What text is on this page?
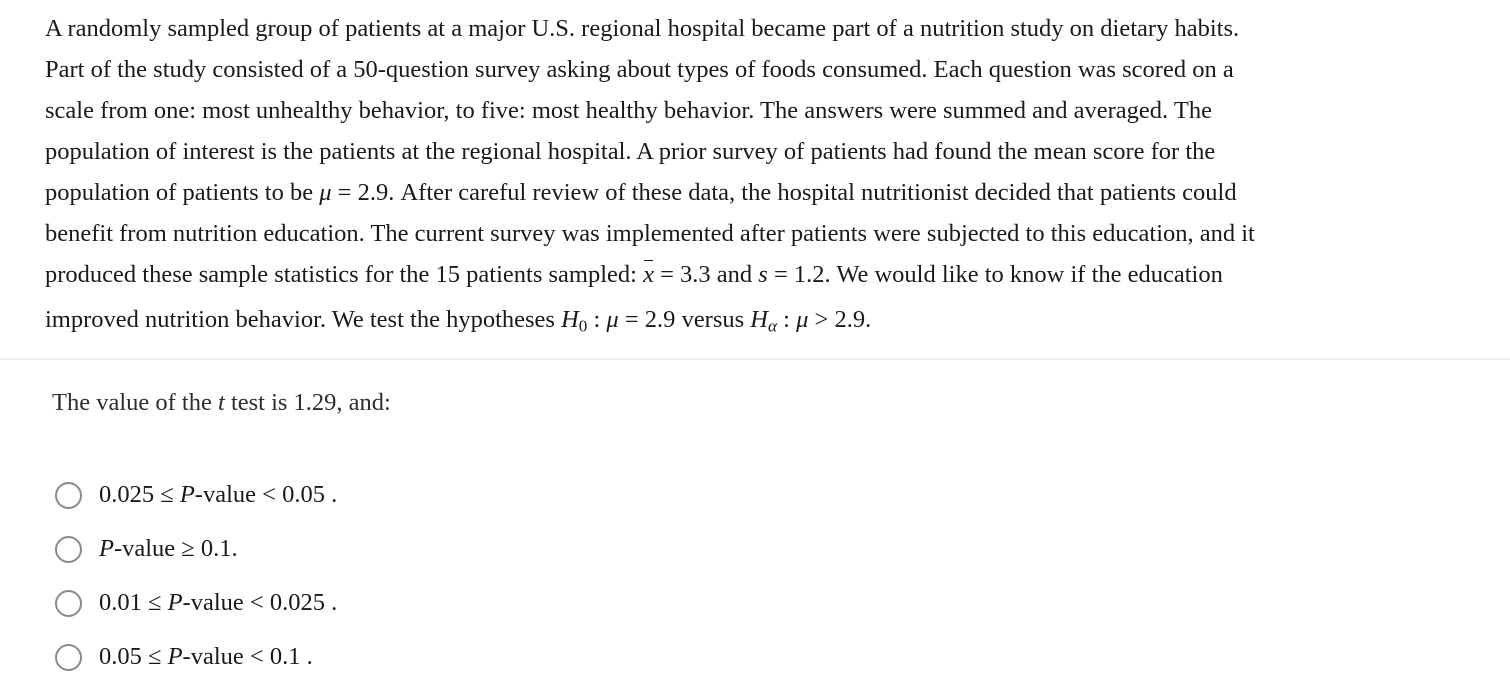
A randomly sampled group of patients at a major U.S. regional hospital became part of a nutrition study on dietary habits.
Part of the study consisted of a 50-question survey asking about types of foods consumed. Each question was scored on a
scale from one: most unhealthy behavior, to five: most healthy behavior. The answers were summed and averaged. The
population of interest is the patients at the regional hospital. A prior survey of patients had found the mean score for the
population of patients to be μ = 2.9. After careful review of these data, the hospital nutritionist decided that patients could
benefit from nutrition education. The current survey was implemented after patients were subjected to this education, and it
produced these sample statistics for the 15 patients sampled: x = 3.3 and s = 1.2. We would like to know if the education
improved nutrition behavior. We test the hypotheses $H_0$ : μ = 2.9 versus $H_\alpha$ : μ > 2.9.

The value of the t test is 1.29, and:

0.025 ≤ P-value < 0.05 .
P-value ≥ 0.1.
0.01 ≤ P-value < 0.025 .
0.05 ≤ P-value < 0.1 .
